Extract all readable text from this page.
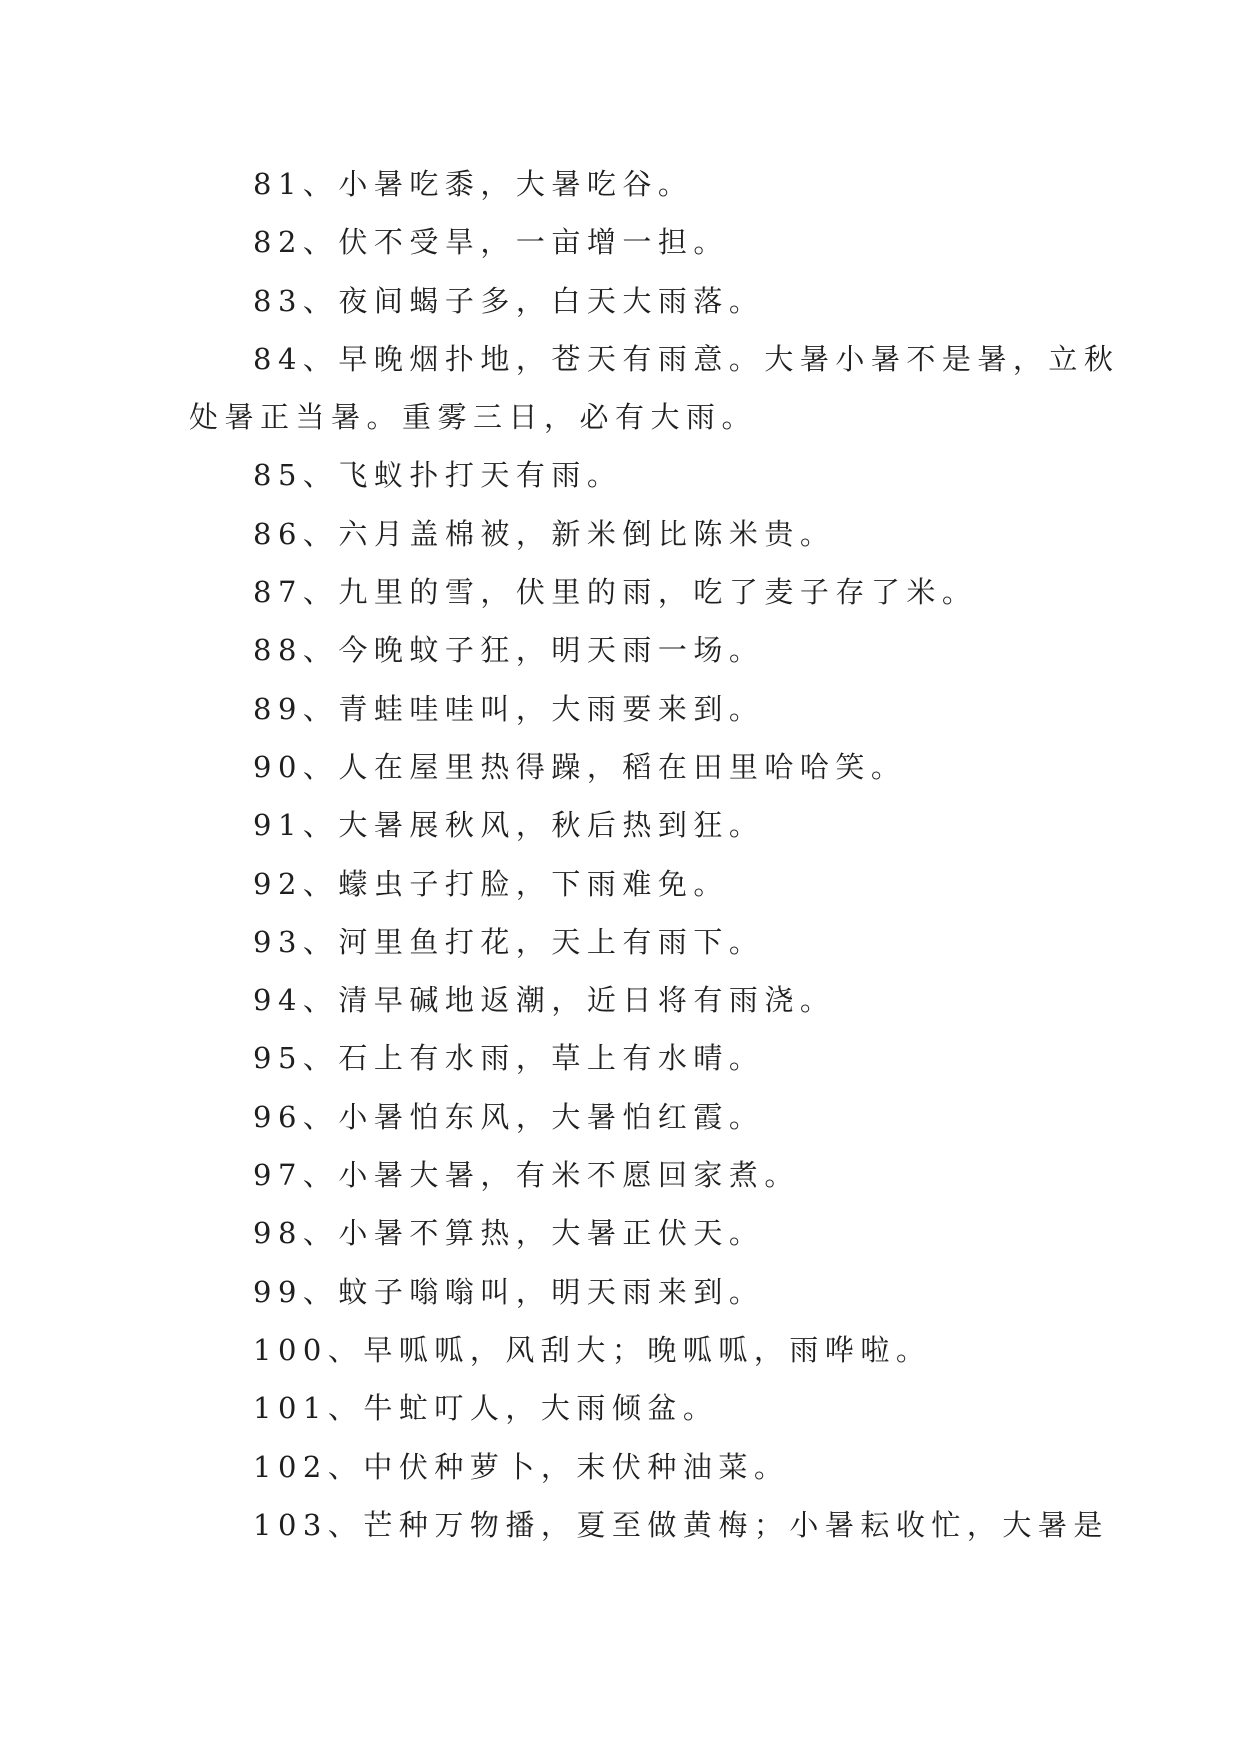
81、小暑吃黍，大暑吃谷。

82、伏不受旱，一亩增一担。

83、夜间蝎子多，白天大雨落。

84、早晚烟扑地，苍天有雨意。大暑小暑不是暑，立秋

处暑正当暑。重雾三日，必有大雨。

85、飞蚁扑打天有雨。

86、六月盖棉被，新米倒比陈米贵。

87、九里的雪，伏里的雨，吃了麦子存了米。

88、今晚蚊子狂，明天雨一场。

89、青蛙哇哇叫，大雨要来到。

90、人在屋里热得躁，稻在田里哈哈笑。

91、大暑展秋风，秋后热到狂。

92、蠓虫子打脸，下雨难免。

93、河里鱼打花，天上有雨下。

94、清早碱地返潮，近日将有雨浇。

95、石上有水雨，草上有水晴。

96、小暑怕东风，大暑怕红霞。

97、小暑大暑，有米不愿回家煮。

98、小暑不算热，大暑正伏天。

99、蚊子嗡嗡叫，明天雨来到。

100、早呱呱，风刮大；晚呱呱，雨哗啦。

101、牛虻叮人，大雨倾盆。

102、中伏种萝卜，末伏种油菜。

103、芒种万物播，夏至做黄梅；小暑耘收忙，大暑是
